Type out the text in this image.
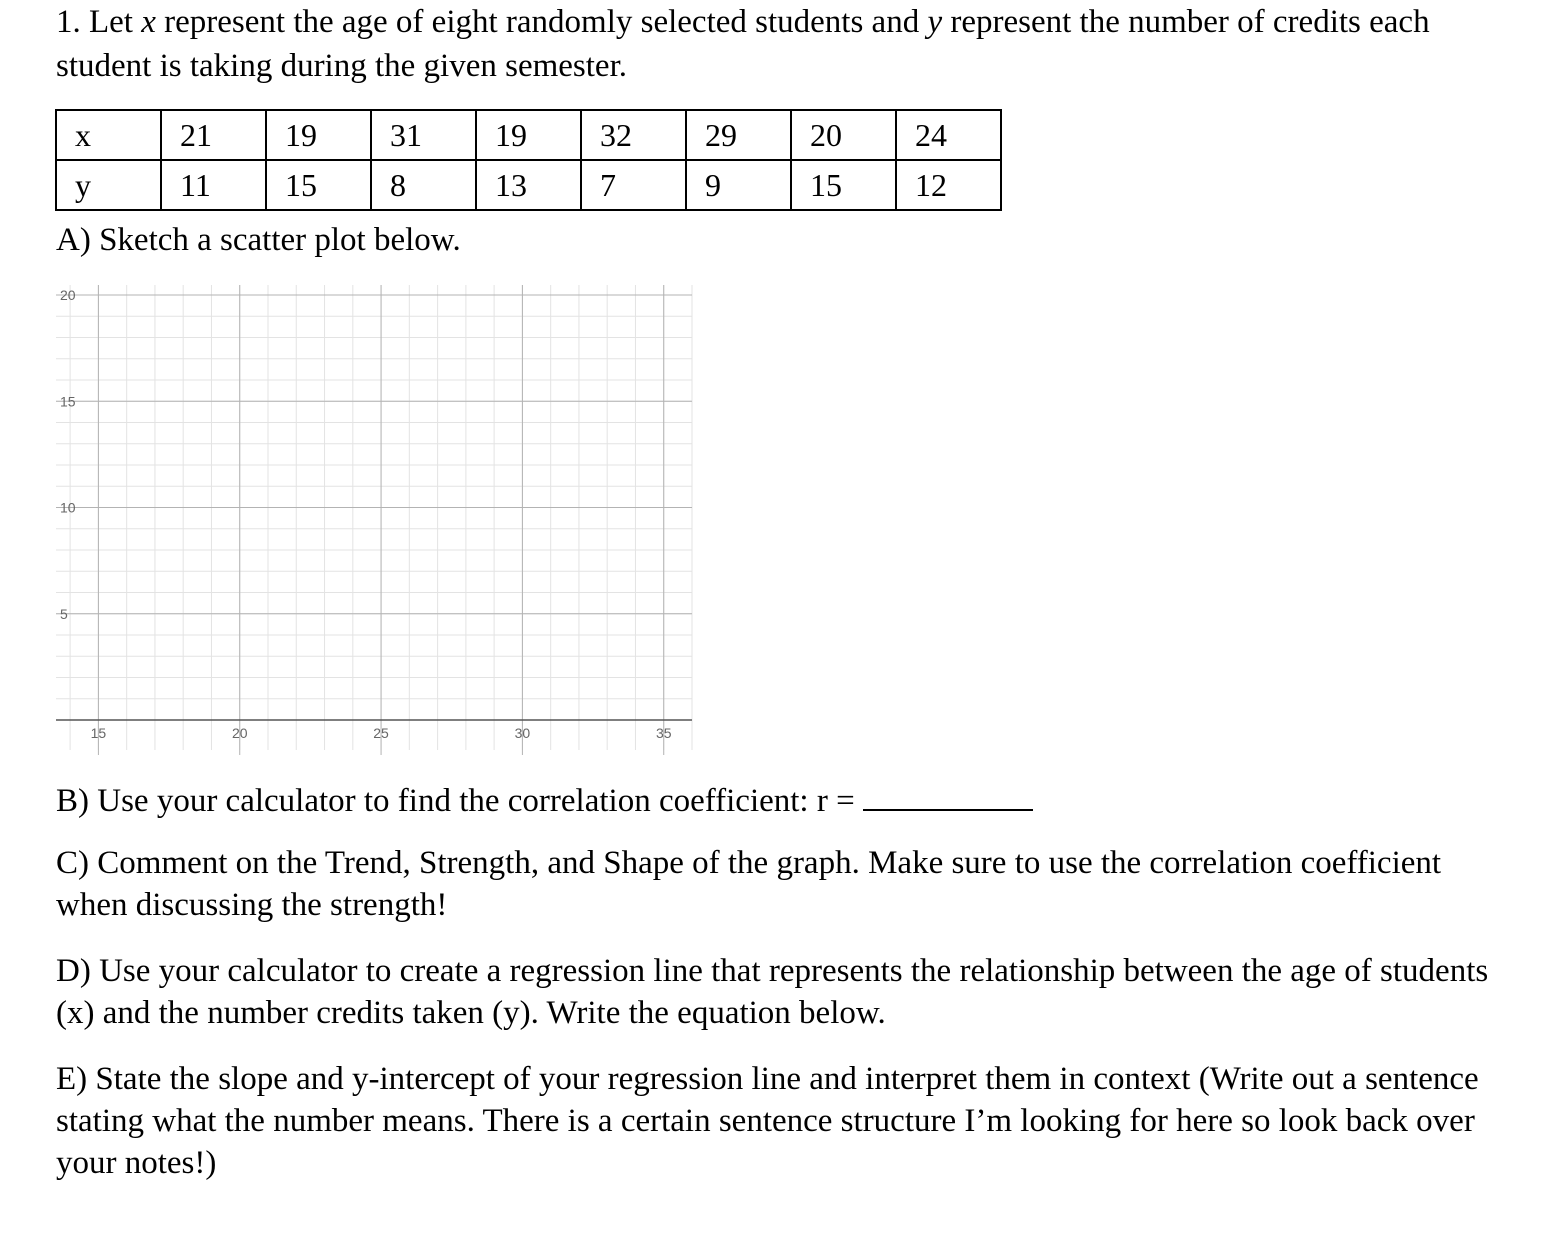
1. Let x represent the age of eight randomly selected students and y represent the number of credits each student is taking during the given semester.
x	21	19	31	19	32	29	20	24
y	11	15	8	13	7	9	15	12
A) Sketch a scatter plot below.
15	20	25	30	35
5
10
15
20
B) Use your calculator to find the correlation coefficient: r =
C) Comment on the Trend, Strength, and Shape of the graph. Make sure to use the correlation coefficient when discussing the strength!
D) Use your calculator to create a regression line that represents the relationship between the age of students (x) and the number credits taken (y). Write the equation below.
E) State the slope and y-intercept of your regression line and interpret them in context (Write out a sentence stating what the number means. There is a certain sentence structure I’m looking for here so look back over your notes!)
